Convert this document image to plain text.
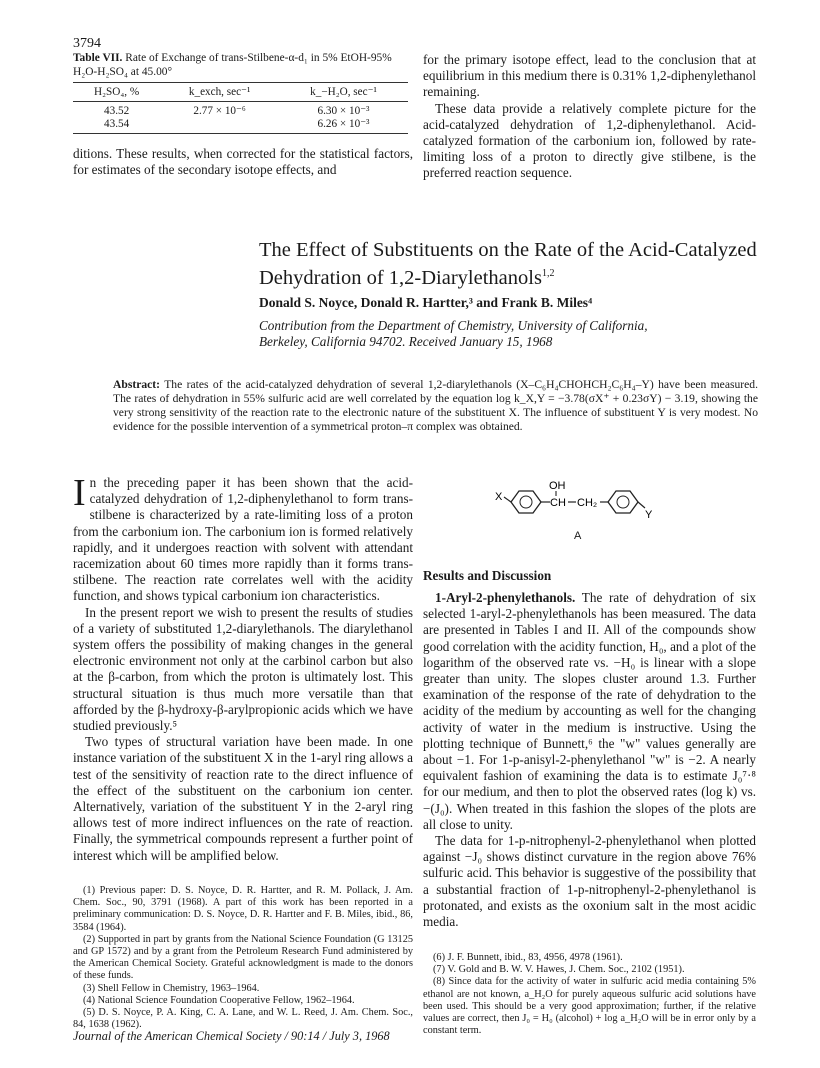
3794
Table VII. Rate of Exchange of trans-Stilbene-α-d₁ in 5% EtOH-95% H₂O-H₂SO₄ at 45.00°
H₂SO₄, %	k_exch, sec⁻¹	k_−H₂O, sec⁻¹
43.52	2.77 × 10⁻⁶	6.30 × 10⁻³
43.54		6.26 × 10⁻³

ditions. These results, when corrected for the statistical factors, for estimates of the secondary isotope effects, and

for the primary isotope effect, lead to the conclusion that at equilibrium in this medium there is 0.31% 1,2-diphenylethanol remaining.

These data provide a relatively complete picture for the acid-catalyzed dehydration of 1,2-diphenylethanol. Acid-catalyzed formation of the carbonium ion, followed by rate-limiting loss of a proton to directly give stilbene, is the preferred reaction sequence.

The Effect of Substituents on the Rate of the Acid-Catalyzed
Dehydration of 1,2-Diarylethanols$^{1,2}$
Donald S. Noyce, Donald R. Hartter,³ and Frank B. Miles⁴
Contribution from the Department of Chemistry, University of California,
Berkeley, California 94702. Received January 15, 1968
Abstract: The rates of the acid-catalyzed dehydration of several 1,2-diarylethanols (X–C₆H₄CHOHCH₂C₆H₄–Y) have been measured. The rates of dehydration in 55% sulfuric acid are well correlated by the equation log k_X,Y = −3.78(σX⁺ + 0.23σY) − 3.19, showing the very strong sensitivity of the reaction rate to the electronic nature of the substituent X. The influence of substituent Y is very modest. No evidence for the possible intervention of a symmetrical proton–π complex was obtained.

In the preceding paper it has been shown that the acid-catalyzed dehydration of 1,2-diphenylethanol to form trans-stilbene is characterized by a rate-limiting loss of a proton from the carbonium ion. The carbonium ion is formed relatively rapidly, and it undergoes reaction with solvent with attendant racemization about 60 times more rapidly than it forms trans-stilbene. The reaction rate correlates well with the acidity function, and shows typical carbonium ion characteristics.

In the present report we wish to present the results of studies of a variety of substituted 1,2-diarylethanols. The diarylethanol system offers the possibility of making changes in the general electronic environment not only at the carbinol carbon but also at the β-carbon, from which the proton is ultimately lost. This structural situation is thus much more versatile than that afforded by the β-hydroxy-β-arylpropionic acids which we have studied previously.⁵

Two types of structural variation have been made. In one instance variation of the substituent X in the 1-aryl ring allows a test of the sensitivity of reaction rate to the direct influence of the effect of the substituent on the carbonium ion center. Alternatively, variation of the substituent Y in the 2-aryl ring allows test of more indirect influences on the rate of reaction. Finally, the symmetrical compounds represent a further point of interest which will be amplified below.

(1) Previous paper: D. S. Noyce, D. R. Hartter, and R. M. Pollack, J. Am. Chem. Soc., 90, 3791 (1968). A part of this work has been reported in a preliminary communication: D. S. Noyce, D. R. Hartter and F. B. Miles, ibid., 86, 3584 (1964).
(2) Supported in part by grants from the National Science Foundation (G 13125 and GP 1572) and by a grant from the Petroleum Research Fund administered by the American Chemical Society. Grateful acknowledgment is made to the donors of these funds.
(3) Shell Fellow in Chemistry, 1963–1964.
(4) National Science Foundation Cooperative Fellow, 1962–1964.
(5) D. S. Noyce, P. A. King, C. A. Lane, and W. L. Reed, J. Am. Chem. Soc., 84, 1638 (1962).
X
OH
CH CH₂
Y
A
Results and Discussion

1-Aryl-2-phenylethanols. The rate of dehydration of six selected 1-aryl-2-phenylethanols has been measured. The data are presented in Tables I and II. All of the compounds show good correlation with the acidity function, H₀, and a plot of the logarithm of the observed rate vs. −H₀ is linear with a slope greater than unity. The slopes cluster around 1.3. Further examination of the response of the rate of dehydration to the acidity of the medium by accounting as well for the changing activity of water in the medium is instructive. Using the plotting technique of Bunnett,⁶ the "w" values generally are about −1. For 1-p-anisyl-2-phenylethanol "w" is −2. A nearly equivalent fashion of examining the data is to estimate J₀⁷·⁸ for our medium, and then to plot the observed rates (log k) vs. −(J₀). When treated in this fashion the slopes of the plots are all close to unity.

The data for 1-p-nitrophenyl-2-phenylethanol when plotted against −J₀ shows distinct curvature in the region above 76% sulfuric acid. This behavior is suggestive of the possibility that a substantial fraction of 1-p-nitrophenyl-2-phenylethanol is protonated, and exists as the oxonium salt in the most acidic media.

(6) J. F. Bunnett, ibid., 83, 4956, 4978 (1961).
(7) V. Gold and B. W. V. Hawes, J. Chem. Soc., 2102 (1951).
(8) Since data for the activity of water in sulfuric acid media containing 5% ethanol are not known, a_H₂O for purely aqueous sulfuric acid solutions have been used. This should be a very good approximation; further, if the relative values are correct, then J₀ = H₀ (alcohol) + log a_H₂O will be in error only by a constant term.
Journal of the American Chemical Society / 90:14 / July 3, 1968
